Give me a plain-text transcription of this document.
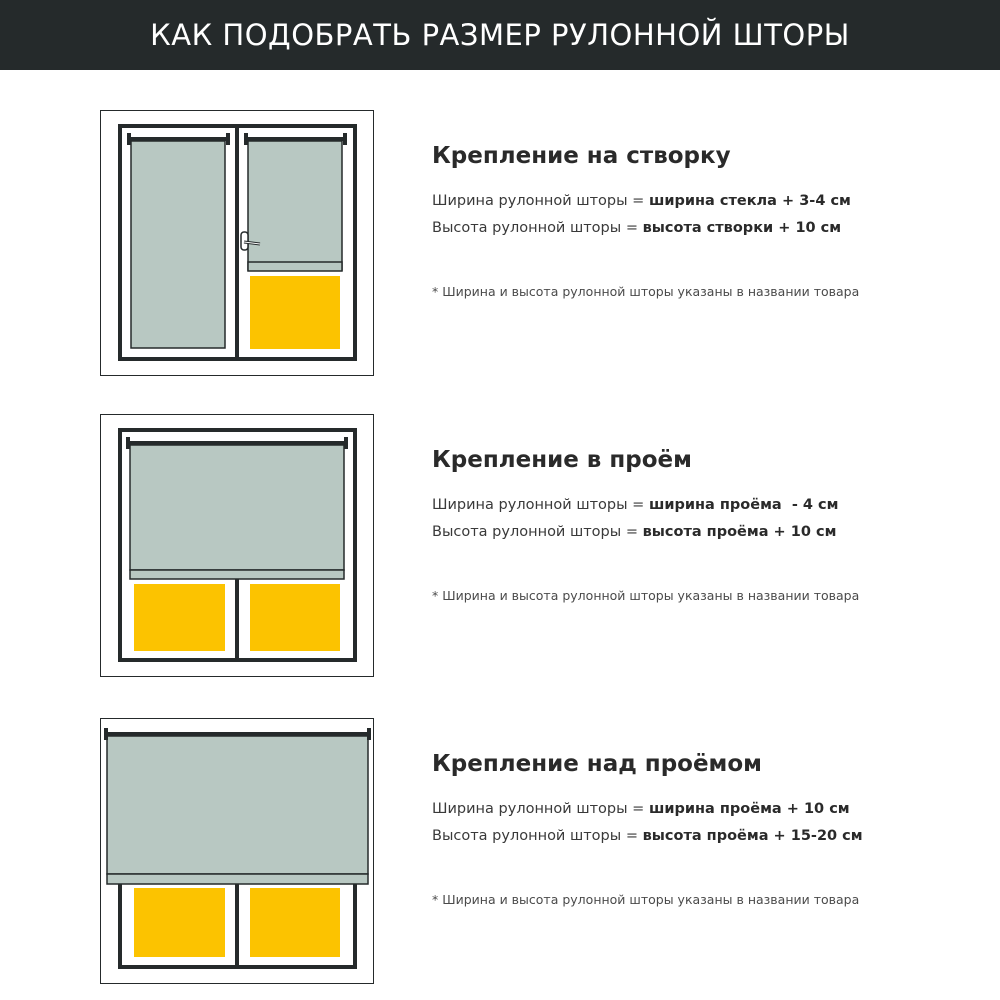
КАК ПОДОБРАТЬ РАЗМЕР РУЛОННОЙ ШТОРЫ
Крепление на створку
Ширина рулонной шторы = ширина стекла + 3-4 см
Высота рулонной шторы = высота створки + 10 см
* Ширина и высота рулонной шторы указаны в названии товара
Крепление в проём
Ширина рулонной шторы = ширина проёма  - 4 см
Высота рулонной шторы = высота проёма + 10 см
* Ширина и высота рулонной шторы указаны в названии товара
Крепление над проёмом
Ширина рулонной шторы = ширина проёма + 10 см
Высота рулонной шторы = высота проёма + 15-20 см
* Ширина и высота рулонной шторы указаны в названии товара
